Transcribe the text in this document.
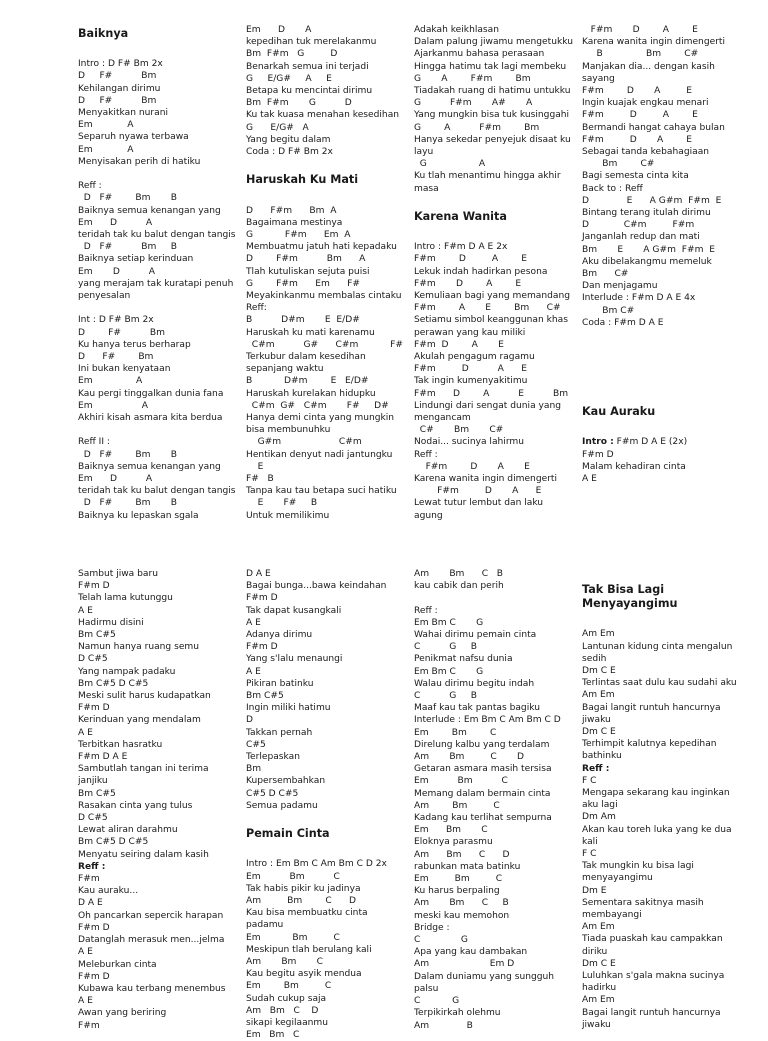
Baiknya
Intro : D F# Bm 2x
D     F#          Bm
Kehilangan dirimu
D     F#          Bm
Menyakitkan nurani
Em            A
Separuh nyawa terbawa
Em            A
Menyisakan perih di hatiku
Reff :
D   F#        Bm       B
Baiknya semua kenangan yang
Em      D          A
teridah tak ku balut dengan tangis
D   F#          Bm     B
Baiknya setiap kerinduan
Em       D          A
yang merajam tak kuratapi penuh
penyesalan
Int : D F# Bm 2x
D        F#          Bm
Ku hanya terus berharap
D      F#        Bm
Ini bukan kenyataan
Em               A
Kau pergi tinggalkan dunia fana
Em                 A
Akhiri kisah asmara kita berdua
Reff II :
D   F#        Bm       B
Baiknya semua kenangan yang
Em      D          A
teridah tak ku balut dengan tangis
D   F#        Bm       B
Baiknya ku lepaskan sgala
Em      D       A
kepedihan tuk merelakanmu
Bm  F#m   G         D
Benarkah semua ini terjadi
G     E/G#     A     E
Betapa ku mencintai dirimu
Bm  F#m       G          D
Ku tak kuasa menahan kesedihan
G      E/G#   A
Yang begitu dalam
Coda : D F# Bm 2x
Haruskah Ku Mati
D      F#m      Bm  A
Bagaimana mestinya
G           F#m      Em  A
Membuatmu jatuh hati kepadaku
D        F#m          Bm      A
Tlah kutuliskan sejuta puisi
G        F#m      Em      F#
Meyakinkanmu membalas cintaku
Reff:
B          D#m       E  E/D#
Haruskah ku mati karenamu
C#m          G#      C#m           F#
Terkubur dalam kesedihan
sepanjang waktu
B           D#m        E   E/D#
Haruskah kurelakan hidupku
C#m  G#   C#m       F#     D#
Hanya demi cinta yang mungkin
bisa membunuhku
G#m                    C#m
Hentikan denyut nadi jantungku
E
F#   B
Tanpa kau tau betapa suci hatiku
E       F#     B
Untuk memilikimu
Adakah keikhlasan
Dalam palung jiwamu mengetukku
Ajarkanmu bahasa perasaan
Hingga hatimu tak lagi membeku
G       A        F#m        Bm
Tiadakah ruang di hatimu untukku
G          F#m       A#       A
Yang mungkin bisa tuk kusinggahi
G        A          F#m        Bm
Hanya sekedar penyejuk disaat ku
layu
G                  A
Ku tlah menantimu hingga akhir
masa
Karena Wanita
Intro : F#m D A E 2x
F#m        D         A        E
Lekuk indah hadirkan pesona
F#m       D        A        E
Kemuliaan bagi yang memandang
F#m        A       E        Bm      C#
Setiamu simbol keanggunan khas
perawan yang kau miliki
F#m  D        A       E
Akulah pengagum ragamu
F#m         D          A      E
Tak ingin kumenyakitimu
F#m      D        A          E          Bm
Lindungi dari sengat dunia yang
mengancam
C#       Bm       C#
Nodai... sucinya lahirmu
Reff :
F#m        D       A       E
Karena wanita ingin dimengerti
F#m         D       A      E
Lewat tutur lembut dan laku
agung
F#m       D        A        E
Karena wanita ingin dimengerti
B               Bm        C#
Manjakan dia... dengan kasih
sayang
F#m        D       A         E
Ingin kuajak engkau menari
F#m         D         A        E
Bermandi hangat cahaya bulan
F#m         D       A        E
Sebagai tanda kebahagiaan
Bm        C#
Bagi semesta cinta kita
Back to : Reff
D             E      A G#m  F#m  E
Bintang terang itulah dirimu
D            C#m         F#m
Janganlah redup dan mati
Bm       E       A G#m  F#m  E
Aku dibelakangmu memeluk
Bm      C#
Dan menjagamu
Interlude : F#m D A E 4x
Bm C#
Coda : F#m D A E
Kau Auraku
Intro : F#m D A E (2x)
F#m D
Malam kehadiran cinta
A E
Sambut jiwa baru
F#m D
Telah lama kutunggu
A E
Hadirmu disini
Bm C#5
Namun hanya ruang semu
D C#5
Yang nampak padaku
Bm C#5 D C#5
Meski sulit harus kudapatkan
F#m D
Kerinduan yang mendalam
A E
Terbitkan hasratku
F#m D A E
Sambutlah tangan ini terima
janjiku
Bm C#5
Rasakan cinta yang tulus
D C#5
Lewat aliran darahmu
Bm C#5 D C#5
Menyatu seiring dalam kasih
Reff :
F#m
Kau auraku...
D A E
Oh pancarkan sepercik harapan
F#m D
Datanglah merasuk men...jelma
A E
Meleburkan cinta
F#m D
Kubawa kau terbang menembus
A E
Awan yang beriring
F#m
D A E
Bagai bunga...bawa keindahan
F#m D
Tak dapat kusangkali
A E
Adanya dirimu
F#m D
Yang s'lalu menaungi
A E
Pikiran batinku
Bm C#5
Ingin miliki hatimu
D
Takkan pernah
C#5
Terlepaskan
Bm
Kupersembahkan
C#5 D C#5
Semua padamu
Pemain Cinta
Intro : Em Bm C Am Bm C D 2x
Em          Bm          C
Tak habis pikir ku jadinya
Am         Bm        C      D
Kau bisa membuatku cinta
padamu
Em           Bm         C
Meskipun tlah berulang kali
Am       Bm       C
Kau begitu asyik mendua
Em        Bm         C
Sudah cukup saja
Am   Bm   C    D
sikapi kegilaanmu
Em   Bm   C
Am       Bm      C   B
kau cabik dan perih
Reff :
Em Bm C       G
Wahai dirimu pemain cinta
C          G     B
Penikmat nafsu dunia
Em Bm C       G
Walau dirimu begitu indah
C          G     B
Maaf kau tak pantas bagiku
Interlude : Em Bm C Am Bm C D
Em        Bm        C
Direlung kalbu yang terdalam
Am       Bm         C       D
Getaran asmara masih tersisa
Em          Bm          C
Memang dalam bermain cinta
Am        Bm         C
Kadang kau terlihat sempurna
Em      Bm       C
Eloknya parasmu
Am      Bm      C      D
rabunkan mata batinku
Em         Bm         C
Ku harus berpaling
Am       Bm      C     B
meski kau memohon
Bridge :
C              G
Apa yang kau dambakan
Am                     Em D
Dalam duniamu yang sungguh
palsu
C           G
Terpikirkah olehmu
Am             B
Tak Bisa Lagi Menyayangimu
Am Em
Lantunan kidung cinta mengalun
sedih
Dm C E
Terlintas saat dulu kau sudahi aku
Am Em
Bagai langit runtuh hancurnya
jiwaku
Dm C E
Terhimpit kalutnya kepedihan
bathinku
Reff :
F C
Mengapa sekarang kau inginkan
aku lagi
Dm Am
Akan kau toreh luka yang ke dua
kali
F C
Tak mungkin ku bisa lagi
menyayangimu
Dm E
Sementara sakitnya masih
membayangi
Am Em
Tiada puaskah kau campakkan
diriku
Dm C E
Luluhkan s'gala makna sucinya
hadirku
Am Em
Bagai langit runtuh hancurnya
jiwaku
